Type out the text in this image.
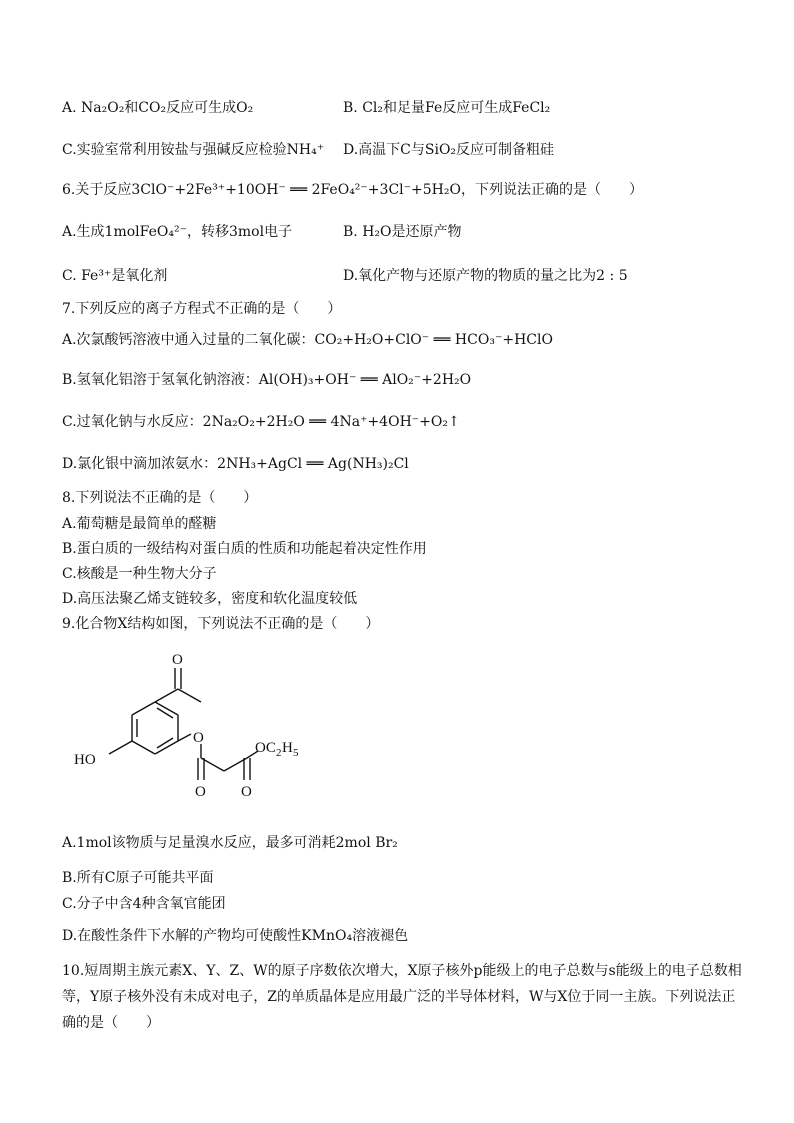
A. Na₂O₂和CO₂反应可生成O₂	B. Cl₂和足量Fe反应可生成FeCl₂
C.实验室常利用铵盐与强碱反应检验NH₄⁺ D.高温下C与SiO₂反应可制备粗硅
6.关于反应3ClO⁻+2Fe³⁺+10OH⁻ ══ 2FeO₄²⁻+3Cl⁻+5H₂O，下列说法正确的是（　　）
A.生成1molFeO₄²⁻，转移3mol电子	B. H₂O是还原产物
C. Fe³⁺是氧化剂	D.氧化产物与还原产物的物质的量之比为2 : 5
7.下列反应的离子方程式不正确的是（　　）
A.次氯酸钙溶液中通入过量的二氧化碳：CO₂+H₂O+ClO⁻ ══ HCO₃⁻+HClO
B.氢氧化铝溶于氢氧化钠溶液：Al(OH)₃+OH⁻ ══ AlO₂⁻+2H₂O
C.过氧化钠与水反应：2Na₂O₂+2H₂O ══ 4Na⁺+4OH⁻+O₂↑
D.氯化银中滴加浓氨水：2NH₃+AgCl ══ Ag(NH₃)₂Cl
8.下列说法不正确的是（　　）
A.葡萄糖是最简单的醛糖
B.蛋白质的一级结构对蛋白质的性质和功能起着决定性作用
C.核酸是一种生物大分子
D.高压法聚乙烯支链较多，密度和软化温度较低
9.化合物X结构如图，下列说法不正确的是（　　）
O
HO
O
OC 2 H 5
O O
A.1mol该物质与足量溴水反应，最多可消耗2mol Br₂
B.所有C原子可能共平面
C.分子中含4种含氧官能团
D.在酸性条件下水解的产物均可使酸性KMnO₄溶液褪色
10.短周期主族元素X、Y、Z、W的原子序数依次增大，X原子核外p能级上的电子总数与s能级上的电子总数相等，Y原子核外没有未成对电子，Z的单质晶体是应用最广泛的半导体材料，W与X位于同一主族。下列说法正确的是（　　）
